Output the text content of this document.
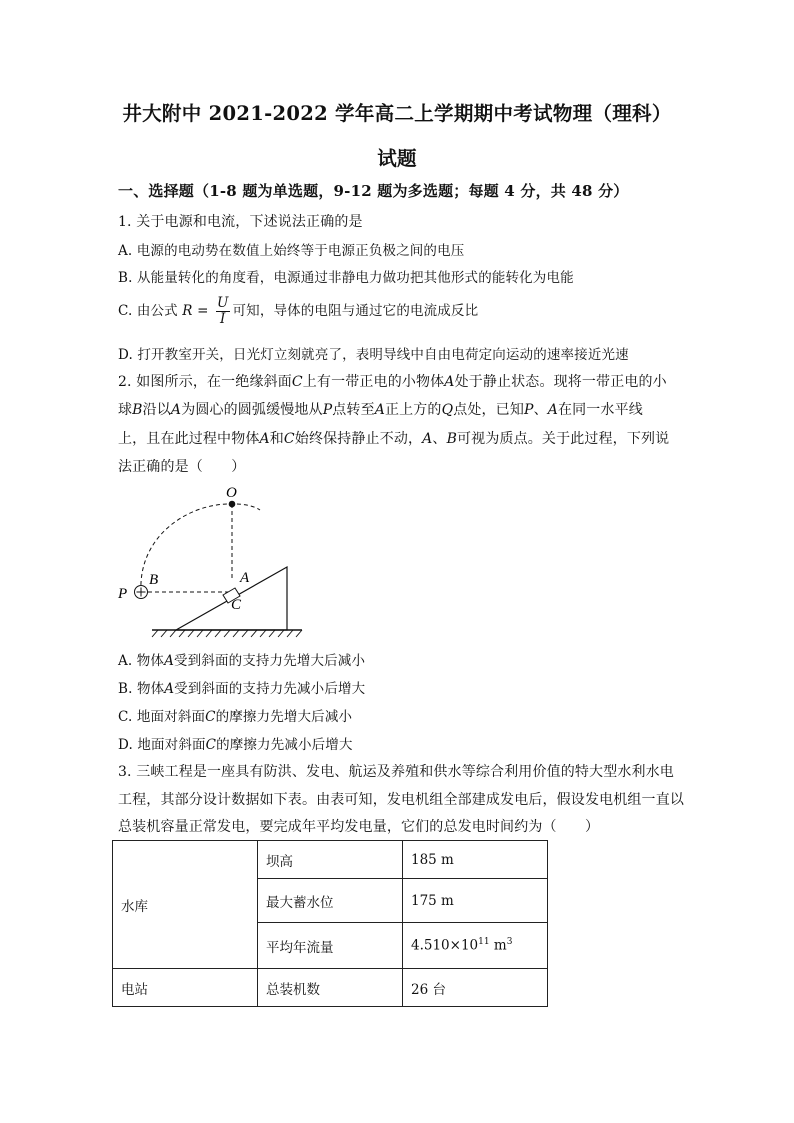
井大附中 2021-2022 学年高二上学期期中考试物理（理科）
试题
一、选择题（1-8 题为单选题，9-12 题为多选题；每题 4 分，共 48 分）
1. 关于电源和电流，下述说法正确的是
A. 电源的电动势在数值上始终等于电源正负极之间的电压
B. 从能量转化的角度看，电源通过非静电力做功把其他形式的能转化为电能
C. 由公式 $R = \frac{U}{I}$ 可知，导体的电阻与通过它的电流成反比
D. 打开教室开关，日光灯立刻就亮了，表明导线中自由电荷定向运动的速率接近光速
2. 如图所示，在一绝缘斜面C上有一带正电的小物体A处于静止状态。现将一带正电的小
球B沿以A为圆心的圆弧缓慢地从P点转至A正上方的Q点处，已知P、A在同一水平线
上，且在此过程中物体A和C始终保持静止不动，A、B可视为质点。关于此过程，下列说
法正确的是（　　）
O
P
B	A
C
A. 物体A受到斜面的支持力先增大后减小
B. 物体A受到斜面的支持力先减小后增大
C. 地面对斜面C的摩擦力先增大后减小
D. 地面对斜面C的摩擦力先减小后增大
3. 三峡工程是一座具有防洪、发电、航运及养殖和供水等综合利用价值的特大型水利水电
工程，其部分设计数据如下表。由表可知，发电机组全部建成发电后，假设发电机组一直以
总装机容量正常发电，要完成年平均发电量，它们的总发电时间约为（　　）
水库	坝高	185 m
	最大蓄水位	175 m
	平均年流量	$4.510\times 10^{11}$ $m^3$
电站	总装机数	26 台
